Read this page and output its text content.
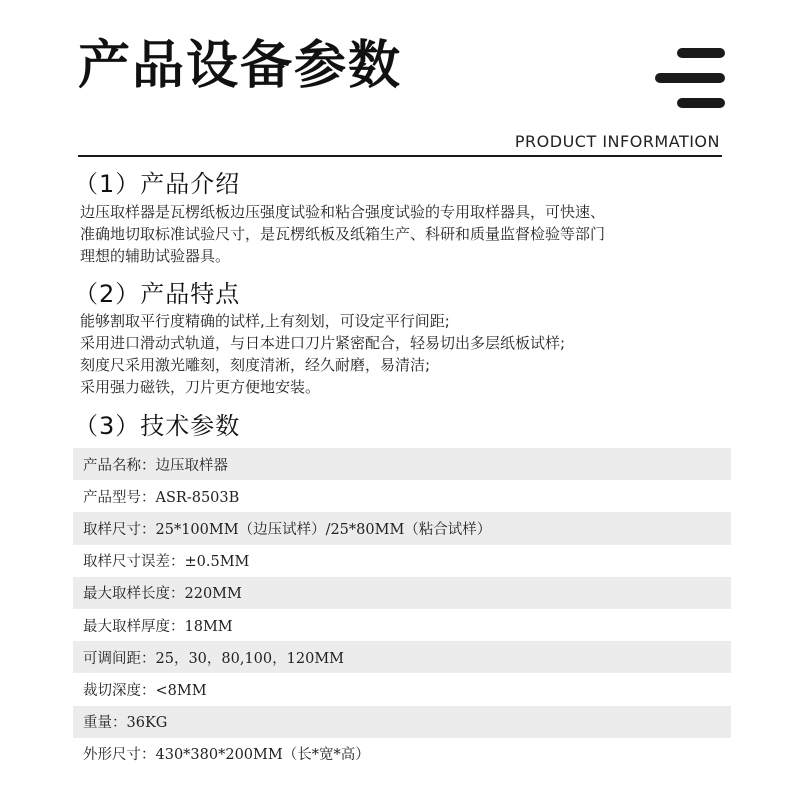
产品设备参数
PRODUCT INFORMATION
（1）产品介绍
边压取样器是瓦楞纸板边压强度试验和粘合强度试验的专用取样器具，可快速、
准确地切取标准试验尺寸，是瓦楞纸板及纸箱生产、科研和质量监督检验等部门
理想的辅助试验器具。
（2）产品特点
能够割取平行度精确的试样,上有刻划，可设定平行间距;
采用进口滑动式轨道，与日本进口刀片紧密配合，轻易切出多层纸板试样;
刻度尺采用激光雕刻，刻度清淅，经久耐磨，易清洁;
采用强力磁铁，刀片更方便地安装。
（3）技术参数
产品名称：边压取样器
产品型号：ASR-8503B
取样尺寸：25*100MM（边压试样）/25*80MM（粘合试样）
取样尺寸误差：±0.5MM
最大取样长度：220MM
最大取样厚度：18MM
可调间距：25，30，80,100，120MM
裁切深度：<8MM
重量：36KG
外形尺寸：430*380*200MM（长*宽*高）
